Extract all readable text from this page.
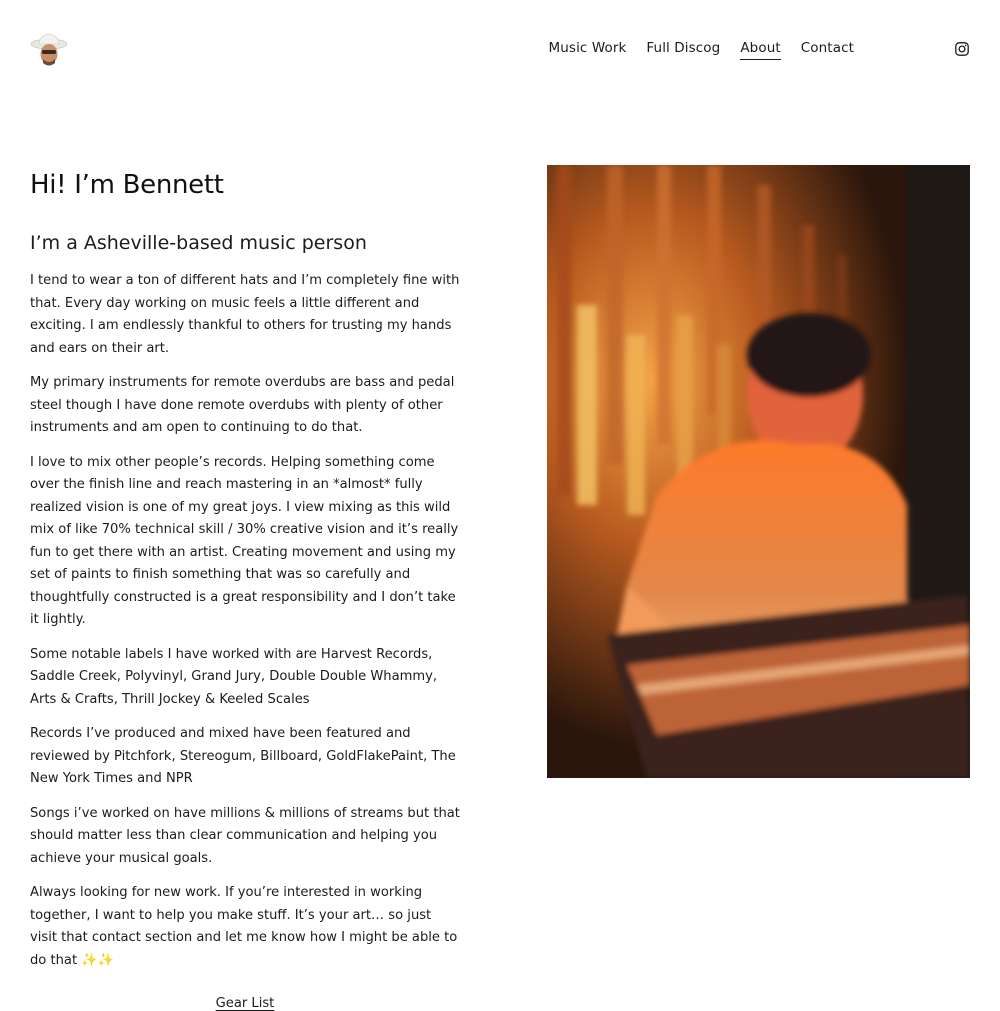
Music Work Full Discog About Contact
Hi! I’m Bennett
I’m a Asheville-based music person

I tend to wear a ton of different hats and I’m completely fine with that. Every day working on music feels a little different and exciting. I am endlessly thankful to others for trusting my hands and ears on their art.

My primary instruments for remote overdubs are bass and pedal steel though I have done remote overdubs with plenty of other instruments and am open to continuing to do that.

I love to mix other people’s records. Helping something come over the finish line and reach mastering in an *almost* fully realized vision is one of my great joys. I view mixing as this wild mix of like 70% technical skill / 30% creative vision and it’s really fun to get there with an artist. Creating movement and using my set of paints to finish something that was so carefully and thoughtfully constructed is a great responsibility and I don’t take it lightly.

Some notable labels I have worked with are Harvest Records, Saddle Creek, Polyvinyl, Grand Jury, Double Double Whammy, Arts & Crafts, Thrill Jockey & Keeled Scales

Records I’ve produced and mixed have been featured and reviewed by Pitchfork, Stereogum, Billboard, GoldFlakePaint, The New York Times and NPR

Songs i’ve worked on have millions & millions of streams but that should matter less than clear communication and helping you achieve your musical goals.

Always looking for new work. If you’re interested in working together, I want to help you make stuff. It’s your art… so just visit that contact section and let me know how I might be able to do that ✨✨

Gear List
